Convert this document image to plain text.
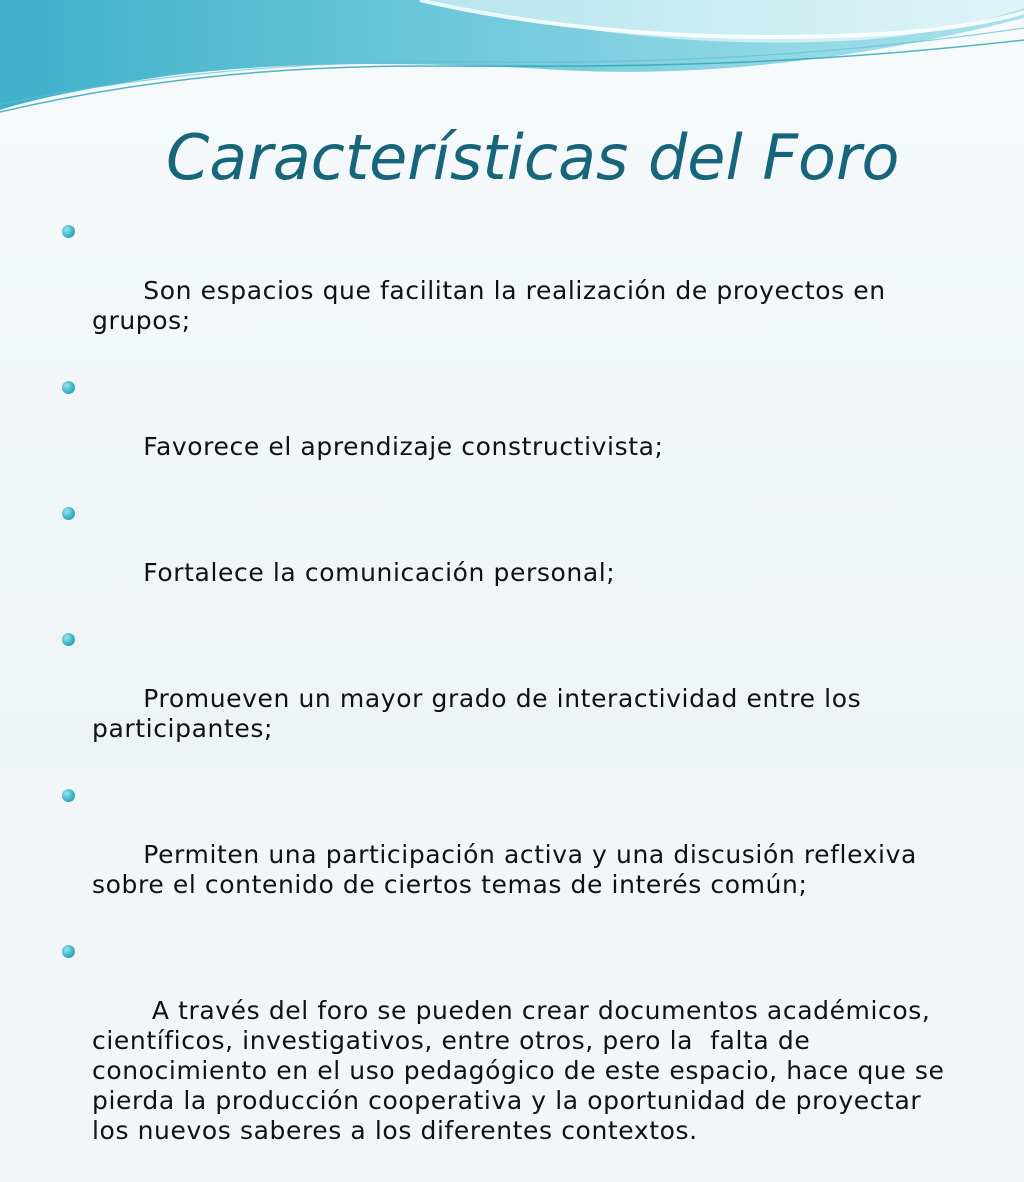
Características del Foro

Son espacios que facilitan la realización de proyectos en grupos;

Favorece el aprendizaje constructivista;

Fortalece la comunicación personal;

Promueven un mayor grado de interactividad entre los participantes;

Permiten una participación activa y una discusión reflexiva sobre el contenido de ciertos temas de interés común;

A través del foro se pueden crear documentos académicos, científicos, investigativos, entre otros, pero la  falta de conocimiento en el uso pedagógico de este espacio, hace que se pierda la producción cooperativa y la oportunidad de proyectar los nuevos saberes a los diferentes contextos.
